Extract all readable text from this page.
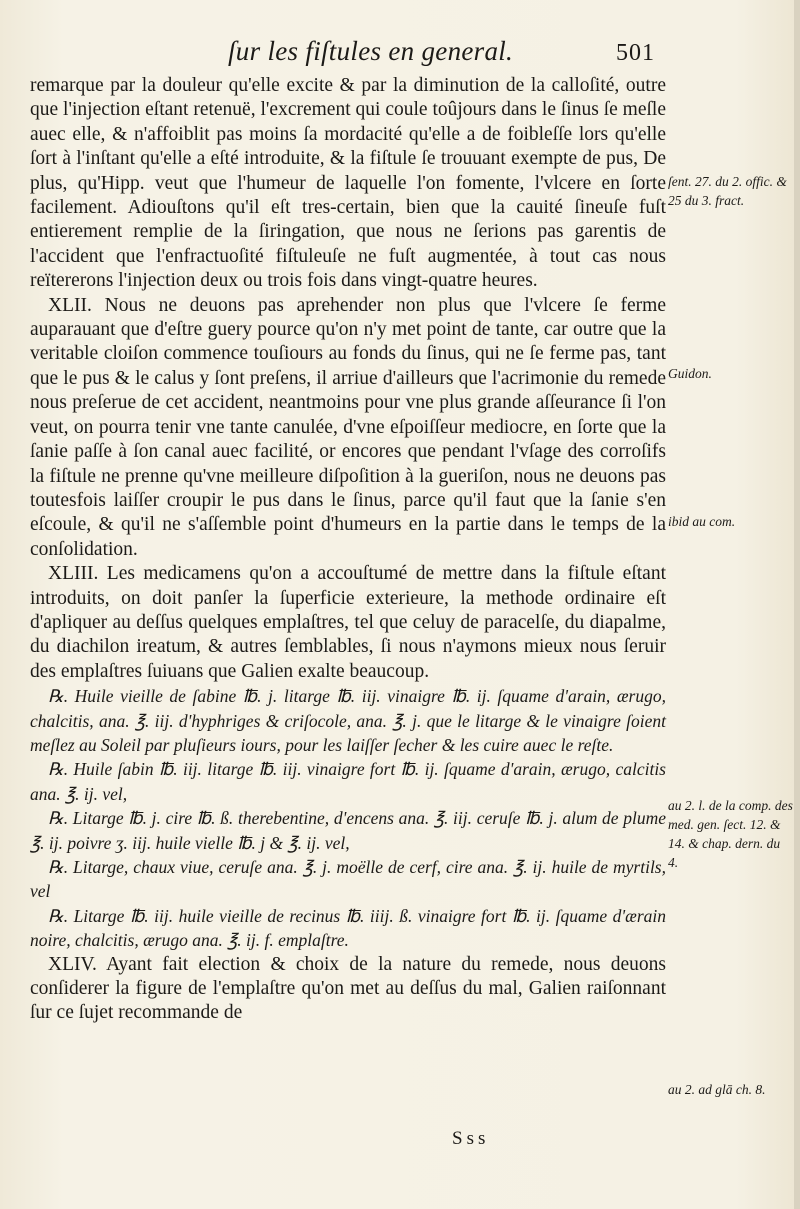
ſur les fiſtules en general.	501

remarque par la douleur qu'elle excite & par la diminution de la calloſité, outre que l'injection eſtant retenuë, l'excrement qui coule toûjours dans le ſinus ſe meſle auec elle, & n'affoiblit pas moins ſa mordacité qu'elle a de foibleſſe lors qu'elle ſort à l'inſtant qu'elle a eſté introduite, & la fiſtule ſe trouuant exempte de pus, De plus, qu'Hipp. veut que l'humeur de laquelle l'on fomente, l'vlcere en ſorte facilement. Adiouſtons qu'il eſt tres-certain, bien que la cauité ſineuſe fuſt entierement remplie de la ſiringation, que nous ne ſerions pas garentis de l'accident que l'enfractuoſité fiſtuleuſe ne fuſt augmentée, à tout cas nous reïtererons l'injection deux ou trois fois dans vingt-quatre heures.

XLII. Nous ne deuons pas aprehender non plus que l'vlcere ſe ferme auparauant que d'eſtre guery pource qu'on n'y met point de tante, car outre que la veritable cloiſon commence touſiours au fonds du ſinus, qui ne ſe ferme pas, tant que le pus & le calus y ſont preſens, il arriue d'ailleurs que l'acrimonie du remede nous preſerue de cet accident, neantmoins pour vne plus grande aſſeurance ſi l'on veut, on pourra tenir vne tante canulée, d'vne eſpoiſſeur mediocre, en ſorte que la ſanie paſſe à ſon canal auec facilité, or encores que pendant l'vſage des corroſifs la fiſtule ne prenne qu'vne meilleure diſpoſition à la gueriſon, nous ne deuons pas toutesfois laiſſer croupir le pus dans le ſinus, parce qu'il faut que la ſanie s'en eſcoule, & qu'il ne s'aſſemble point d'humeurs en la partie dans le temps de la conſolidation.

XLIII. Les medicamens qu'on a accouſtumé de mettre dans la fiſtule eſtant introduits, on doit panſer la ſuperficie exterieure, la methode ordinaire eſt d'apliquer au deſſus quelques emplaſtres, tel que celuy de paracelſe, du diapalme, du diachilon ireatum, & autres ſemblables, ſi nous n'aymons mieux nous ſeruir des emplaſtres ſuiuans que Galien exalte beaucoup.

℞. Huile vieille de ſabine ℔. j. litarge ℔. iij. vinaigre ℔. ij. ſquame d'arain, ærugo, chalcitis, ana. ℥. iij. d'hyphriges & criſocole, ana. ℥. j. que le litarge & le vinaigre ſoient meſlez au Soleil par pluſieurs iours, pour les laiſſer ſecher & les cuire auec le reſte.

℞. Huile ſabin ℔. iij. litarge ℔. iij. vinaigre fort ℔. ij. ſquame d'arain, ærugo, calcitis ana. ℥. ij. vel,

℞. Litarge ℔. j. cire ℔. ß. therebentine, d'encens ana. ℥. iij. ceruſe ℔. j. alum de plume ℥. ij. poivre ʒ. iij. huile vielle ℔. j & ℥. ij. vel,

℞. Litarge, chaux viue, ceruſe ana. ℥. j. moëlle de cerf, cire ana. ℥. ij. huile de myrtils, vel

℞. Litarge ℔. iij. huile vieille de recinus ℔. iiij. ß. vinaigre fort ℔. ij. ſquame d'ærain noire, chalcitis, ærugo ana. ℥. ij. f. emplaſtre.

XLIV. Ayant fait election & choix de la nature du remede, nous deuons conſiderer la figure de l'emplaſtre qu'on met au deſſus du mal, Galien raiſonnant ſur ce ſujet recommande de

ſent. 27. du 2. offic. & 25 du 3. fract.
Guidon.
ibid au com.
au 2. l. de la comp. des med. gen. ſect. 12. & 14. & chap. dern. du 4.
au 2. ad glā ch. 8.
Sss
